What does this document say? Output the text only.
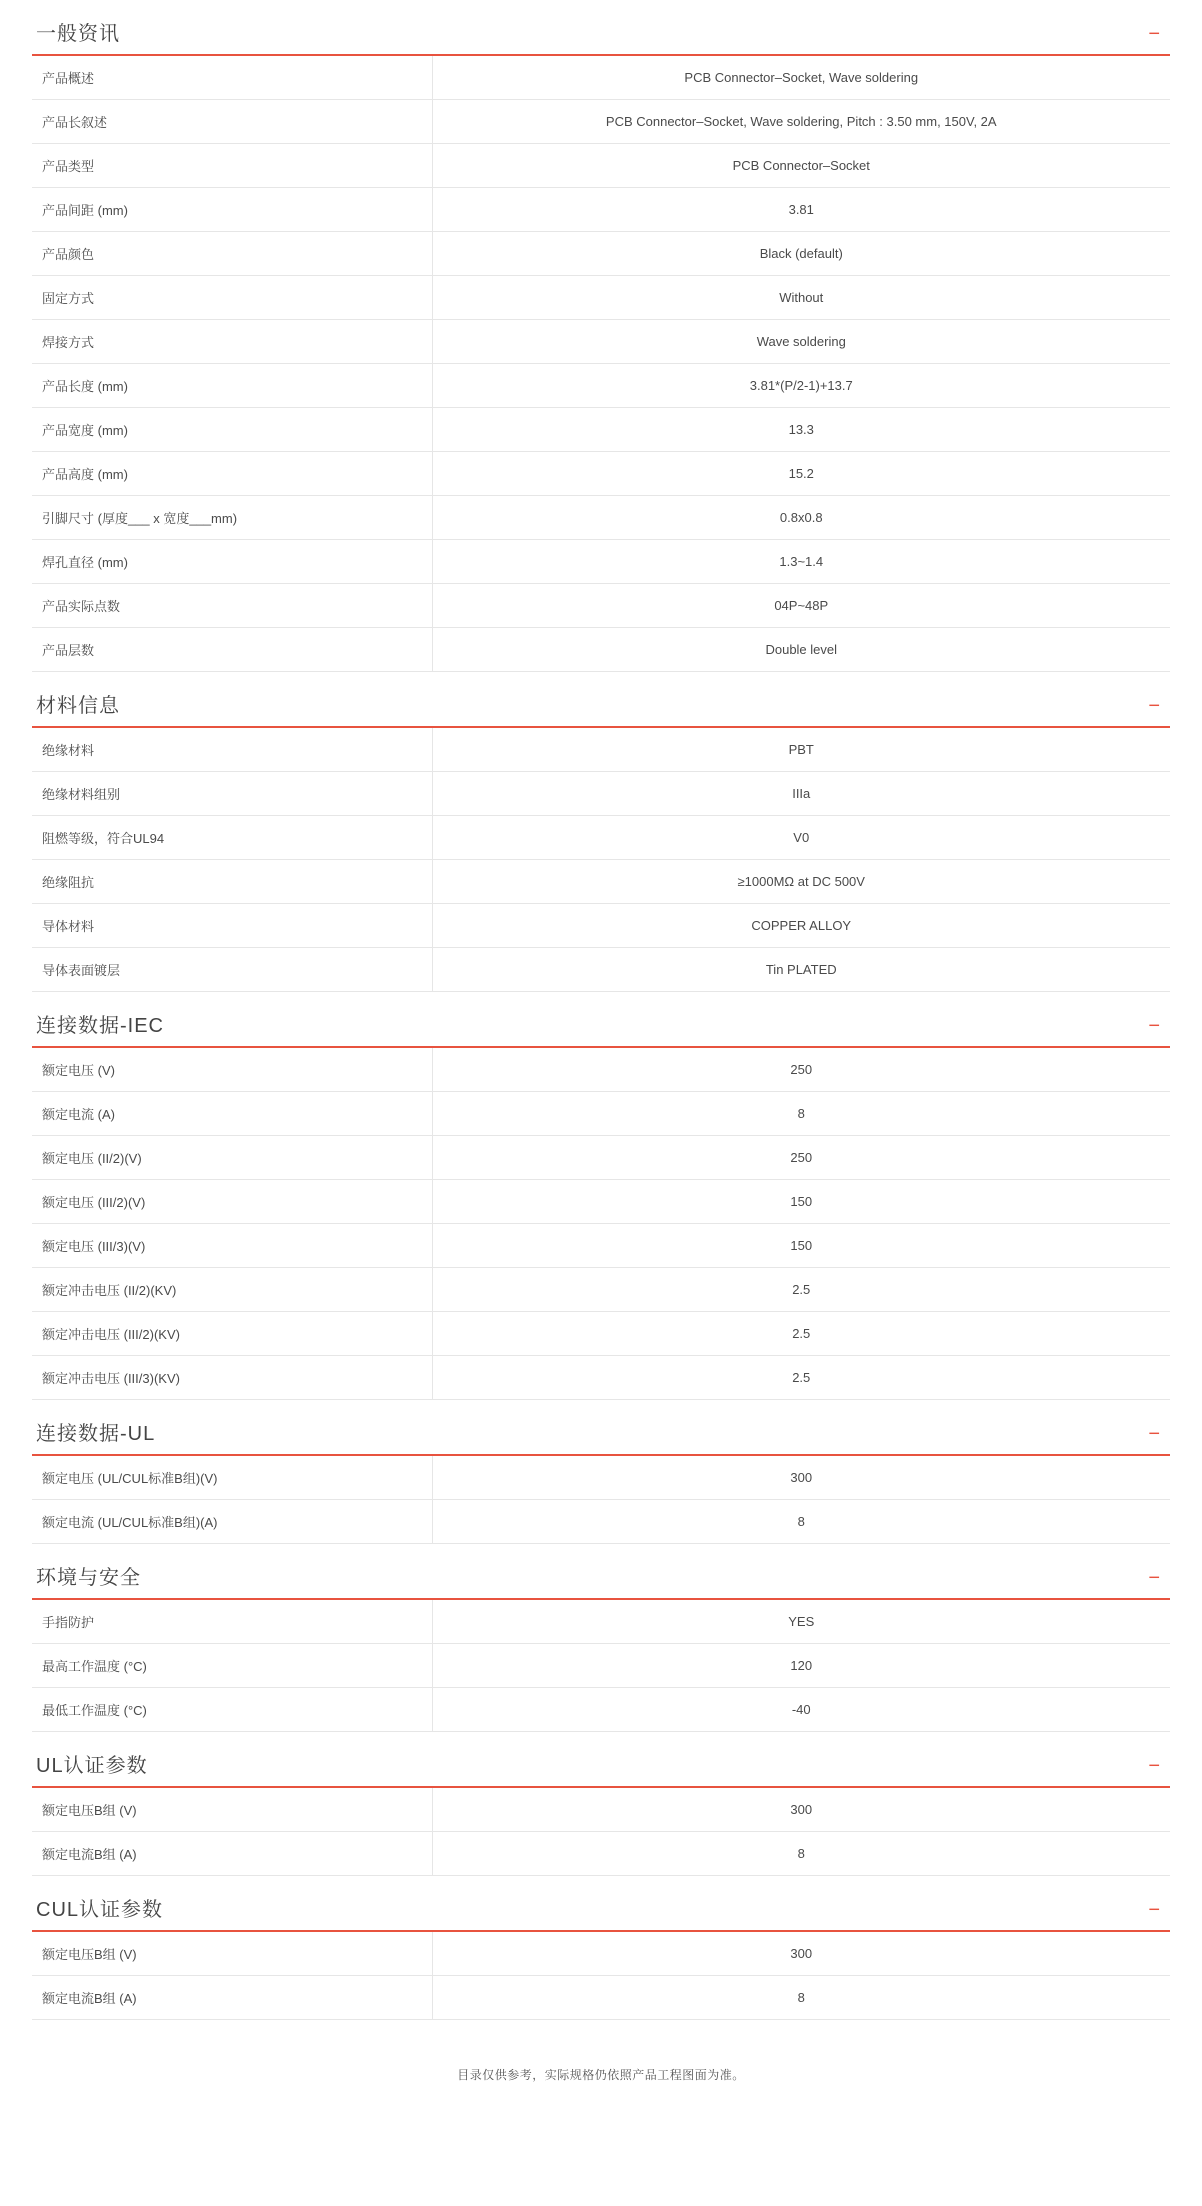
一般资讯	−
产品概述	PCB Connector–Socket, Wave soldering
产品长叙述	PCB Connector–Socket, Wave soldering, Pitch : 3.50 mm, 150V, 2A
产品类型	PCB Connector–Socket
产品间距 (mm)	3.81
产品颜色	Black (default)
固定方式	Without
焊接方式	Wave soldering
产品长度 (mm)	3.81*(P/2-1)+13.7
产品宽度 (mm)	13.3
产品高度 (mm)	15.2
引脚尺寸 (厚度___ x 宽度___mm)	0.8x0.8
焊孔直径 (mm)	1.3~1.4
产品实际点数	04P~48P
产品层数	Double level
材料信息	−
绝缘材料	PBT
绝缘材料组别	IIIa
阻燃等级，符合UL94	V0
绝缘阻抗	≥1000MΩ at DC 500V
导体材料	COPPER ALLOY
导体表面镀层	Tin PLATED
连接数据-IEC	−
额定电压 (V)	250
额定电流 (A)	8
额定电压 (II/2)(V)	250
额定电压 (III/2)(V)	150
额定电压 (III/3)(V)	150
额定冲击电压 (II/2)(KV)	2.5
额定冲击电压 (III/2)(KV)	2.5
额定冲击电压 (III/3)(KV)	2.5
连接数据-UL	−
额定电压 (UL/CUL标准B组)(V)	300
额定电流 (UL/CUL标准B组)(A)	8
环境与安全	−
手指防护	YES
最高工作温度 (°C)	120
最低工作温度 (°C)	-40
UL认证参数	−
额定电压B组 (V)	300
额定电流B组 (A)	8
CUL认证参数	−
额定电压B组 (V)	300
额定电流B组 (A)	8
目录仅供参考，实际规格仍依照产品工程图面为准。
